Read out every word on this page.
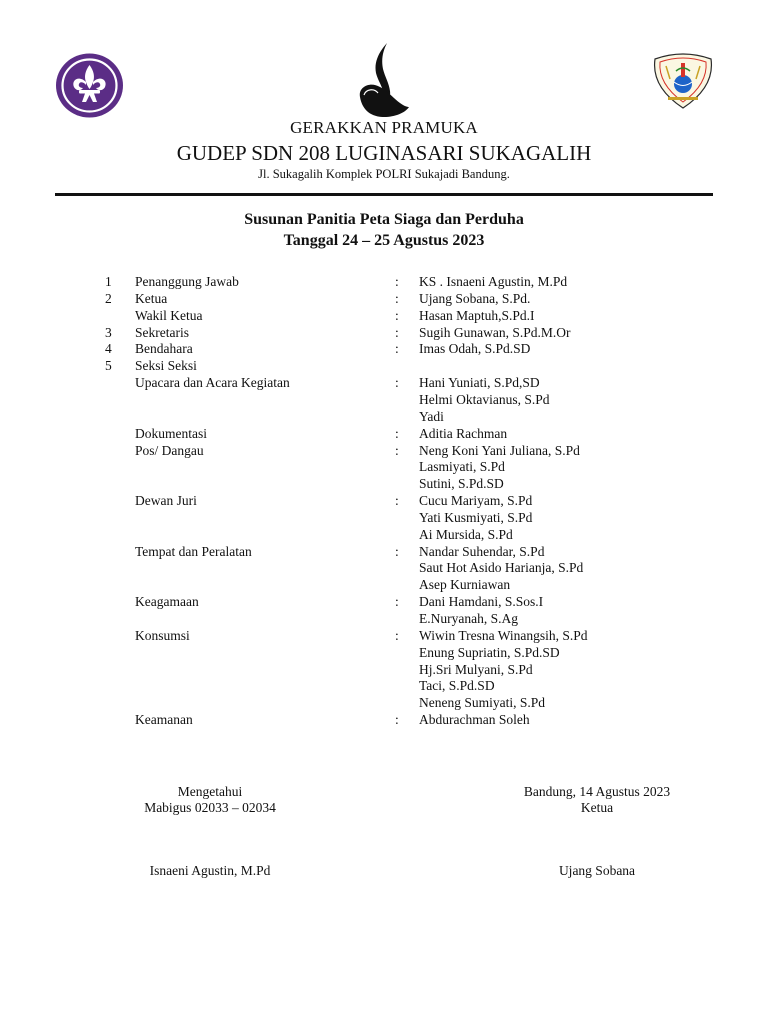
GERAKKAN PRAMUKA
GUDEP SDN 208 LUGINASARI SUKAGALIH
Jl. Sukagalih Komplek POLRI Sukajadi Bandung.
Susunan Panitia Peta Siaga dan Perduha
Tanggal 24 – 25 Agustus 2023
1 Penanggung Jawab	: KS . Isnaeni Agustin, M.Pd
2 Ketua	: Ujang Sobana, S.Pd.
Wakil Ketua	: Hasan Maptuh,S.Pd.I
3 Sekretaris	: Sugih Gunawan, S.Pd.M.Or
4 Bendahara	: Imas Odah, S.Pd.SD
5 Seksi Seksi
Upacara dan Acara Kegiatan	: Hani Yuniati, S.Pd,SD
Helmi Oktavianus, S.Pd
Yadi
Dokumentasi	: Aditia Rachman
Pos/ Dangau	: Neng Koni Yani Juliana, S.Pd
Lasmiyati, S.Pd
Sutini, S.Pd.SD
Dewan Juri	: Cucu Mariyam, S.Pd
Yati Kusmiyati, S.Pd
Ai Mursida, S.Pd
Tempat dan Peralatan	: Nandar Suhendar, S.Pd
Saut Hot Asido Harianja, S.Pd
Asep Kurniawan
Keagamaan	: Dani Hamdani, S.Sos.I
E.Nuryanah, S.Ag
Konsumsi	: Wiwin Tresna Winangsih, S.Pd
Enung Supriatin, S.Pd.SD
Hj.Sri Mulyani, S.Pd
Taci, S.Pd.SD
Neneng Sumiyati, S.Pd
Keamanan	: Abdurachman Soleh
Mengetahui
Mabigus 02033 – 02034
Isnaeni Agustin, M.Pd
Bandung, 14 Agustus 2023
Ketua
Ujang Sobana
